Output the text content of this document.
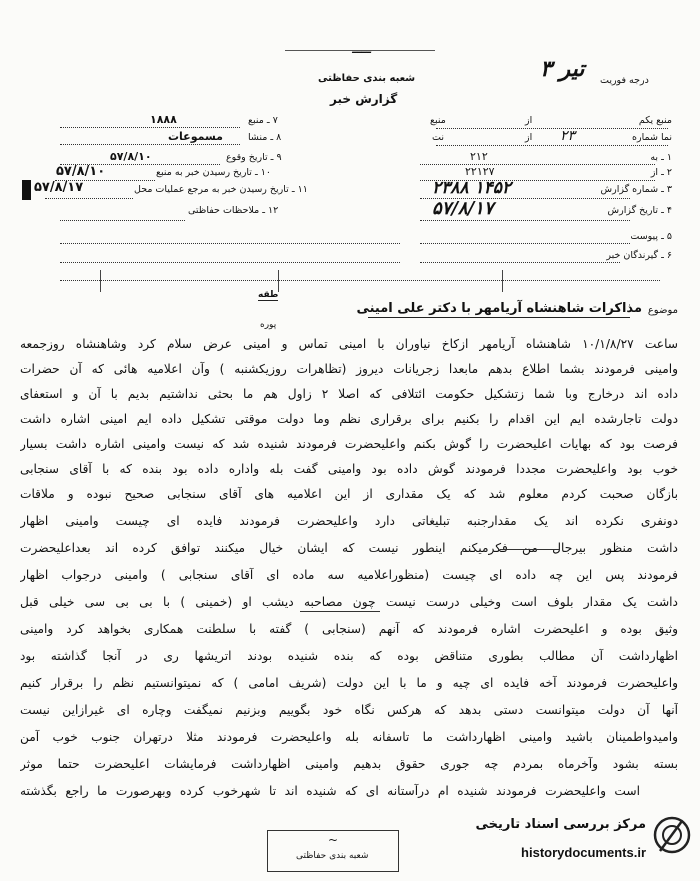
ــــ
شعبه بندی حفاظتی
گزارش خبر
۳ تیر درجه فوریت
منبع یکم
از
منبع
نما شماره
۲۳
از
نت
۱ ـ به
۲۱۲
۲ ـ از
۲۲۱۲۷
۳ ـ شماره گزارش
۲۳۸۸ ۱۴۵۲
۴ ـ تاریخ گزارش
۵۷/۸/۱۷
۵ ـ پیوست
۶ ـ گیرندگان خبر
۷ ـ منبع
۱۸۸۸
۸ ـ منشا
مسموعات
۹ ـ تاریخ وقوع
۵۷/۸/۱۰
۱۰ ـ تاریخ رسیدن خبر به منبع
۵۷/۸/۱۰
۱۱ ـ تاریخ رسیدن خبر به مرجع عملیات محل
۵۷/۸/۱۷
۱۲ ـ ملاحظات حفاظتی
موضوع
مذاکرات شاهنشاه آریامهر با دکتر علی امینی
طقه
پوره
ساعت ۱۰/۱/۸/۲۷ شاهنشاه آریامهر ازکاخ نیاوران با امینی تماس و امینی عرض سلام کرد وشاهنشاه روزجمعه
وامینی فرمودند بشما اطلاع بدهم مابعدا زجریانات دیروز (تظاهرات روزیکشنبه ) وآن اعلامیه هائی که آن حضرات
داده اند درخارج وبا شما زتشکیل حکومت ائتلافی که اصلا ٢ زاول هم ما بحثی نداشتیم بدیم با آن و استعفای
دولت تاجارشده ایم این اقدام را بکنیم برای برقراری نظم وما دولت موقتی تشکیل داده ایم امینی اشاره داشت
فرصت بود که بهایات اعلیحضرت را گوش بکنم واعلیحضرت فرمودند شنیده شد که نیست وامینی اشاره داشت بسیار
خوب بود واعلیحضرت مجددا فرمودند گوش داده بود وامینی گفت بله واداره داده بود بنده که با آقای سنجابی
بازگان صحبت کردم معلوم شد که یک مقداری از این اعلامیه های آقای سنجابی صحیح نبوده و ملاقات
دونفری نکرده اند یک مقدارجنبه تبلیغاتی دارد واعلیحضرت فرمودند فایده ای چیست وامینی اظهار
داشت منظور بیرجال من فکرمیکنم اینطور نیست که ایشان خیال میکنند توافق کرده اند بعداعلیحضرت
فرمودند پس این چه داده ای چیست (منظوراعلامیه سه ماده ای آقای سنجابی ) وامینی درجواب اظهار
داشت یک مقدار بلوف است وخیلی درست نیست چون مصاحبه دیشب او (خمینی ) با بی بی سی خیلی قبل
وثیق بوده و اعلیحضرت اشاره فرمودند که آنهم (سنجابی ) گفته با سلطنت همکاری بخواهد کرد وامینی
اظهارداشت آن مطالب بطوری متناقض بوده که بنده شنیده بودند اتریشها ری در آنجا گذاشته بود
واعلیحضرت فرمودند آخه فایده ای چیه و ما با این دولت (شریف امامی ) که نمیتوانستیم نظم را برقرار کنیم
آنها آن دولت میتوانست دستی بدهد که هرکس نگاه خود بگوییم وبزنیم نمیگفت وچاره ای غیرازاین نیست
وامیدواطمینان باشید وامینی اظهارداشت ما تاسفانه بله واعلیحضرت فرمودند مثلا درتهران جنوب خوب آمن
بسته بشود وآخرماه بمردم چه جوری حقوق بدهیم وامینی اظهارداشت فرمایشات اعلیحضرت حتما موثر
است واعلیحضرت فرمودند شنیده ام درآستانه ای که شنیده اند تا شهرخوب کرده وبهرصورت ما راجع بگذشته
شعبه بندی حفاظتی
~
مرکز بررسی اسناد تاریخی
historydocuments.ir
